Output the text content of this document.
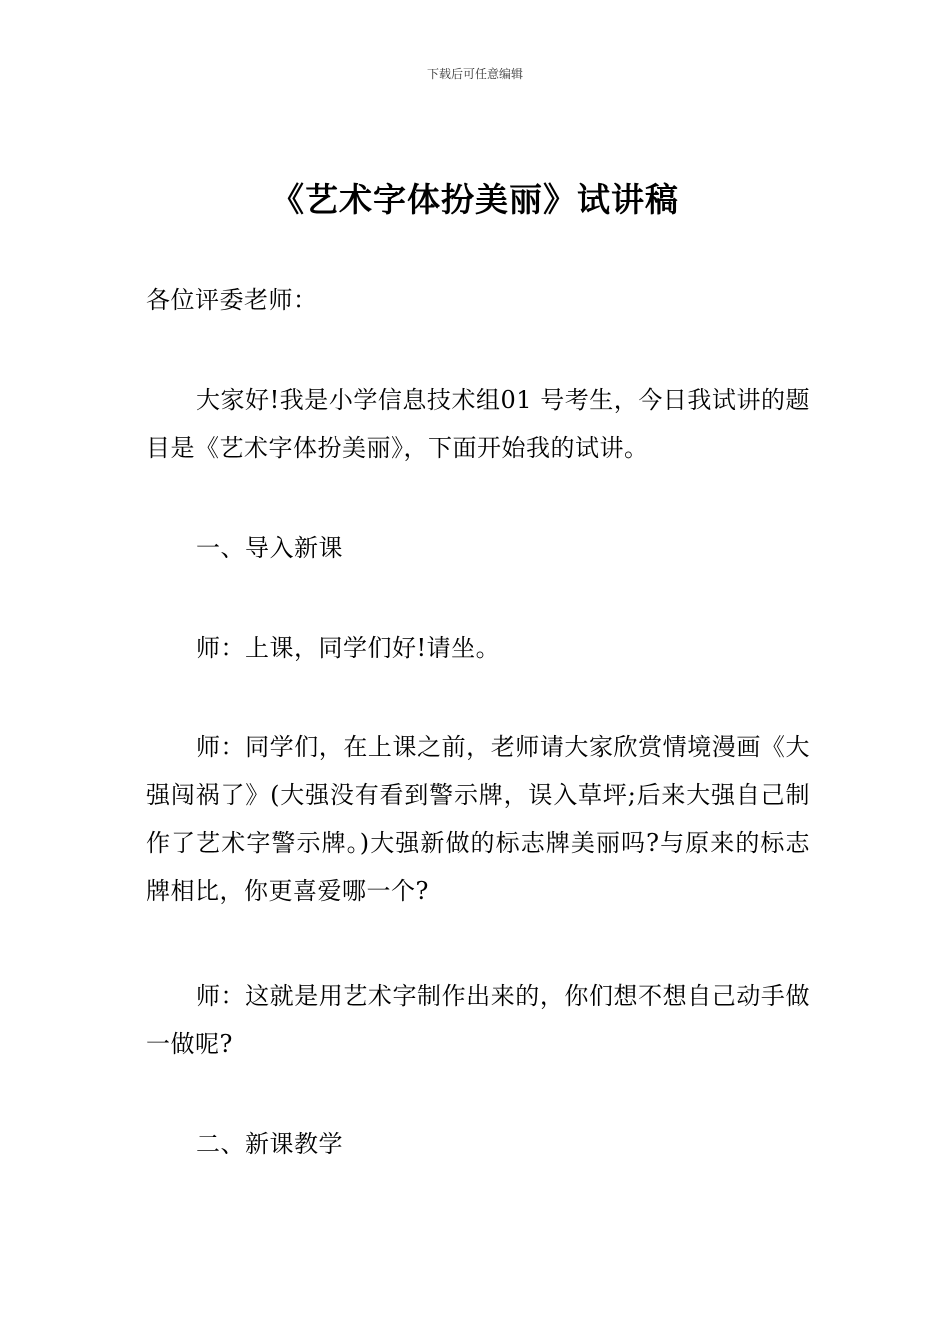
下载后可任意编辑
《艺术字体扮美丽》试讲稿

各位评委老师：

大家好!我是小学信息技术组01 号考生，今日我试讲的题目是《艺术字体扮美丽》，下面开始我的试讲。

一、导入新课

师：上课，同学们好!请坐。

师：同学们，在上课之前，老师请大家欣赏情境漫画《大强闯祸了》(大强没有看到警示牌，误入草坪;后来大强自己制作了艺术字警示牌。)大强新做的标志牌美丽吗?与原来的标志牌相比，你更喜爱哪一个?

师：这就是用艺术字制作出来的，你们想不想自己动手做一做呢?

二、新课教学
